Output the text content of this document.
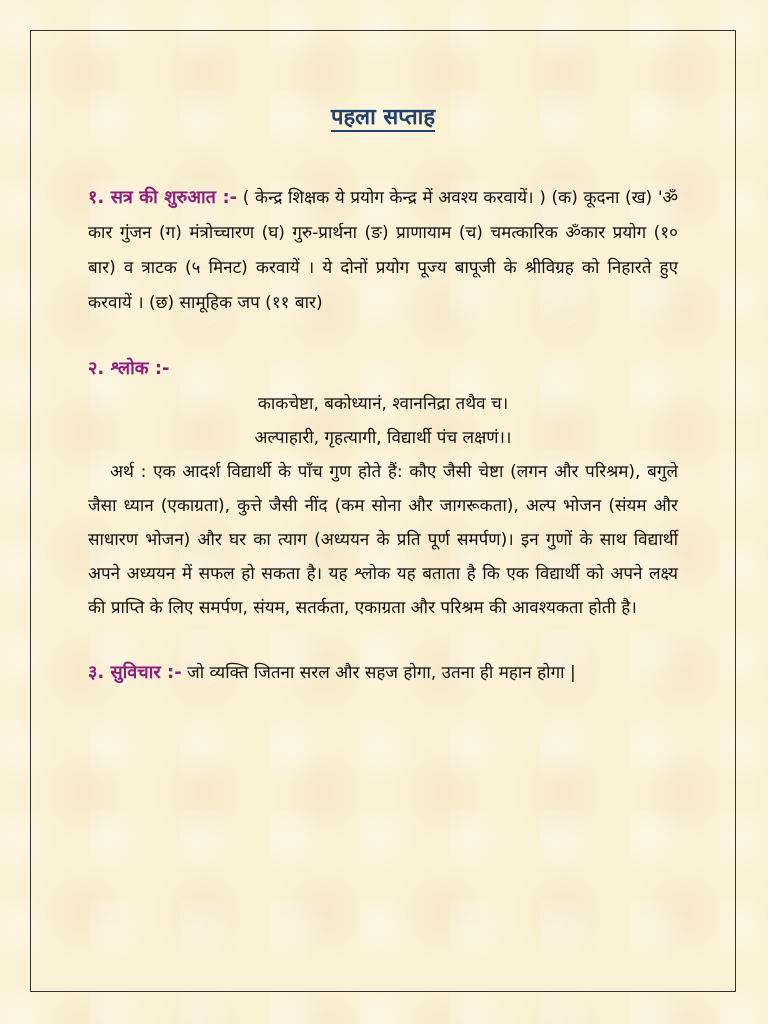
पहला सप्ताह

१. सत्र की शुरुआत :- ( केन्द्र शिक्षक ये प्रयोग केन्द्र में अवश्य करवायें। ) (क) कूदना (ख) 'ॐ कार गुंजन (ग) मंत्रोच्चारण (घ) गुरु-प्रार्थना (ङ) प्राणायाम (च) चमत्कारिक ॐकार प्रयोग (१० बार) व त्राटक (५ मिनट) करवायें । ये दोनों प्रयोग पूज्य बापूजी के श्रीविग्रह को निहारते हुए करवायें । (छ) सामूहिक जप (११ बार)

२. श्लोक :-

काकचेष्टा, बकोध्यानं, श्वाननिद्रा तथैव च।

अल्पाहारी, गृहत्यागी, विद्यार्थी पंच लक्षणं।।

अर्थ : एक आदर्श विद्यार्थी के पाँच गुण होते हैं: कौए जैसी चेष्टा (लगन और परिश्रम), बगुले जैसा ध्यान (एकाग्रता), कुत्ते जैसी नींद (कम सोना और जागरूकता), अल्प भोजन (संयम और साधारण भोजन) और घर का त्याग (अध्ययन के प्रति पूर्ण समर्पण)। इन गुणों के साथ विद्यार्थी अपने अध्ययन में सफल हो सकता है। यह श्लोक यह बताता है कि एक विद्यार्थी को अपने लक्ष्य की प्राप्ति के लिए समर्पण, संयम, सतर्कता, एकाग्रता और परिश्रम की आवश्यकता होती है।

३. सुविचार :- जो व्यक्ति जितना सरल और सहज होगा, उतना ही महान होगा |
